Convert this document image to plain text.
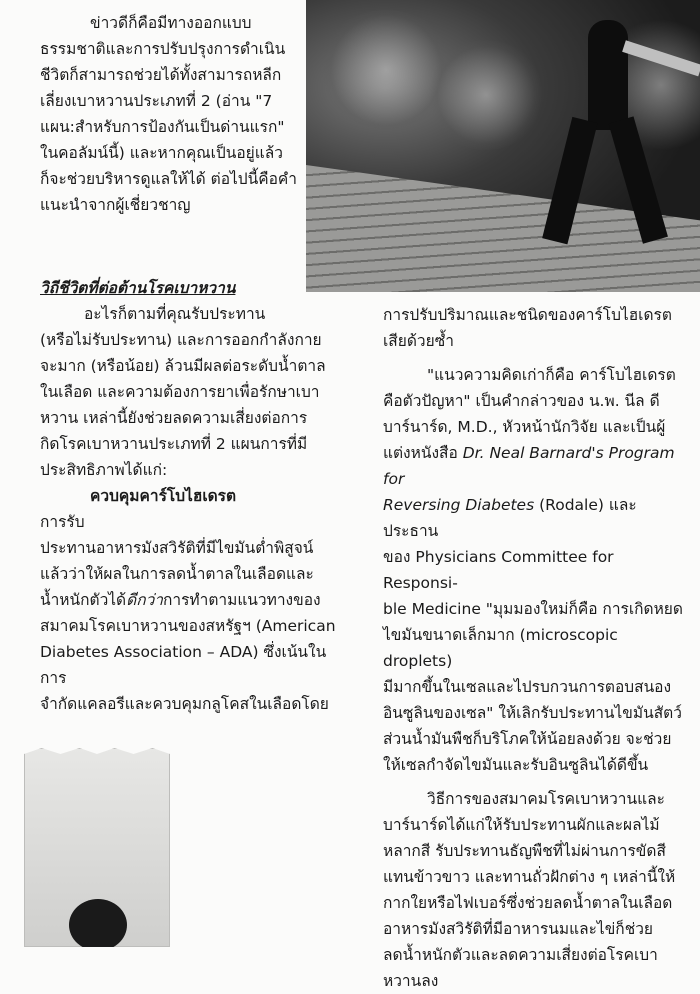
ข่าวดีก็คือมีทางออกแบบ

ธรรมชาติและการปรับปรุงการดำเนิน

ชีวิตก็สามารถช่วยได้ทั้งสามารถหลีก

เลี่ยงเบาหวานประเภทที่ 2 (อ่าน "7

แผน:สำหรับการป้องกันเป็นด่านแรก"

ในคอลัมน์นี้) และหากคุณเป็นอยู่แล้ว

ก็จะช่วยบริหารดูแลให้ได้ ต่อไปนี้คือคำ

แนะนำจากผู้เชี่ยวชาญ

วิถีชีวิตที่ต่อต้านโรคเบาหวาน

อะไรก็ตามที่คุณรับประทาน

(หรือไม่รับประทาน) และการออกกำลังกาย

จะมาก (หรือน้อย) ล้วนมีผลต่อระดับน้ำตาล

ในเลือด และความต้องการยาเพื่อรักษาเบา

หวาน เหล่านี้ยังช่วยลดความเสี่ยงต่อการ

กิดโรคเบาหวานประเภทที่ 2 แผนการที่มี

ประสิทธิภาพได้แก่:

ควบคุมคาร์โบไฮเดรต  การรับ

ประทานอาหารมังสวิรัติที่มีไขมันต่ำพิสูจน์

แล้วว่าให้ผลในการลดน้ำตาลในเลือดและ

น้ำหนักตัวได้ดีกว่าการทำตามแนวทางของ

สมาคมโรคเบาหวานของสหรัฐฯ (American

Diabetes Association – ADA) ซึ่งเน้นในการ

จำกัดแคลอรีและควบคุมกลูโคสในเลือดโดย

การปรับปริมาณและชนิดของคาร์โบไฮเดรต

เสียด้วยซ้ำ

"แนวความคิดเก่าก็คือ คาร์โบไฮเดรต

คือตัวปัญหา" เป็นคำกล่าวของ น.พ. นีล ดี

บาร์นาร์ด, M.D., หัวหน้านักวิจัย และเป็นผู้

แต่งหนังสือ Dr. Neal Barnard's Program for

Reversing Diabetes (Rodale) และประธาน

ของ Physicians Committee for Responsi-

ble Medicine "มุมมองใหม่ก็คือ การเกิดหยด

ไขมันขนาดเล็กมาก (microscopic droplets)

มีมากขึ้นในเซลและไปรบกวนการตอบสนอง

อินซูลินของเซล" ให้เลิกรับประทานไขมันสัตว์

ส่วนน้ำมันพืชก็บริโภคให้น้อยลงด้วย จะช่วย

ให้เซลกำจัดไขมันและรับอินซูลินได้ดีขึ้น

วิธีการของสมาคมโรคเบาหวานและ

บาร์นาร์ดได้แก่ให้รับประทานผักและผลไม้

หลากสี รับประทานธัญพืชที่ไม่ผ่านการขัดสี

แทนข้าวขาว และทานถั่วฝักต่าง ๆ เหล่านี้ให้

กากใยหรือไฟเบอร์ซึ่งช่วยลดน้ำตาลในเลือด

อาหารมังสวิรัติที่มีอาหารนมและไข่ก็ช่วย

ลดน้ำหนักตัวและลดความเสี่ยงต่อโรคเบา

หวานลง
